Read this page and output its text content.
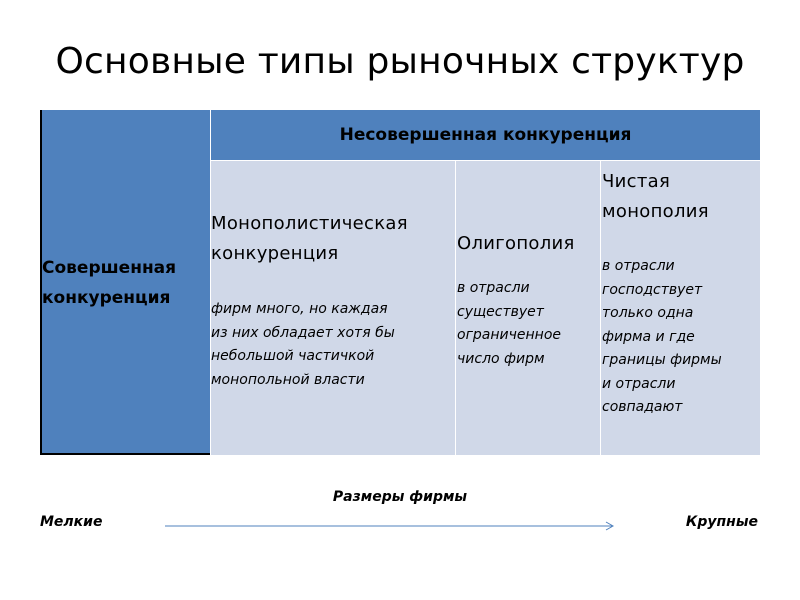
Основные типы рыночных структур
Совершенная
конкуренция
Несовершенная конкуренция
Монополистическая
конкуренция
фирм много, но каждая
из них обладает хотя бы
небольшой частичкой
монопольной власти
Олигополия
в отрасли
существует
ограниченное
число фирм
Чистая
монополия
в отрасли
господствует
только одна
фирма и где
границы фирмы
и отрасли
совпадают
Размеры фирмы
Мелкие	Крупные
